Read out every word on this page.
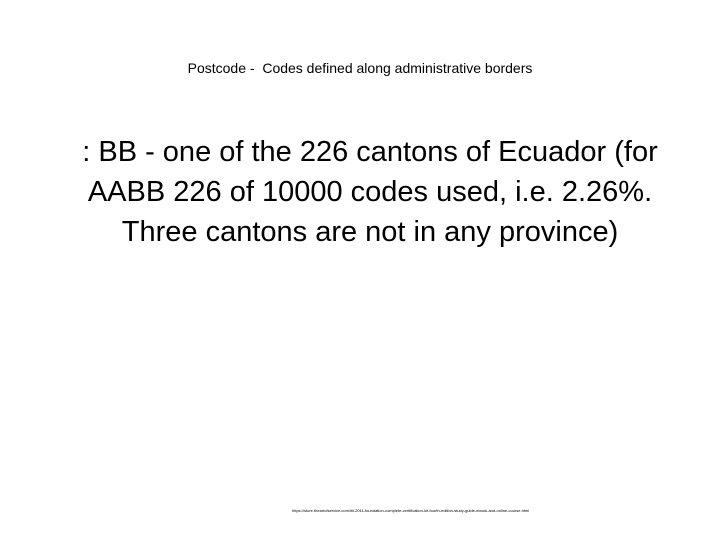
Postcode -  Codes defined along administrative borders
: BB - one of the 226 cantons of Ecuador (for AABB 226 of 10000 codes used, i.e. 2.26%. Three cantons are not in any province)
https://store.theartofservice.com/itil-2011-foundation-complete-certification-kit-fourth-edition-study-guide-ebook-and-online-course.html
